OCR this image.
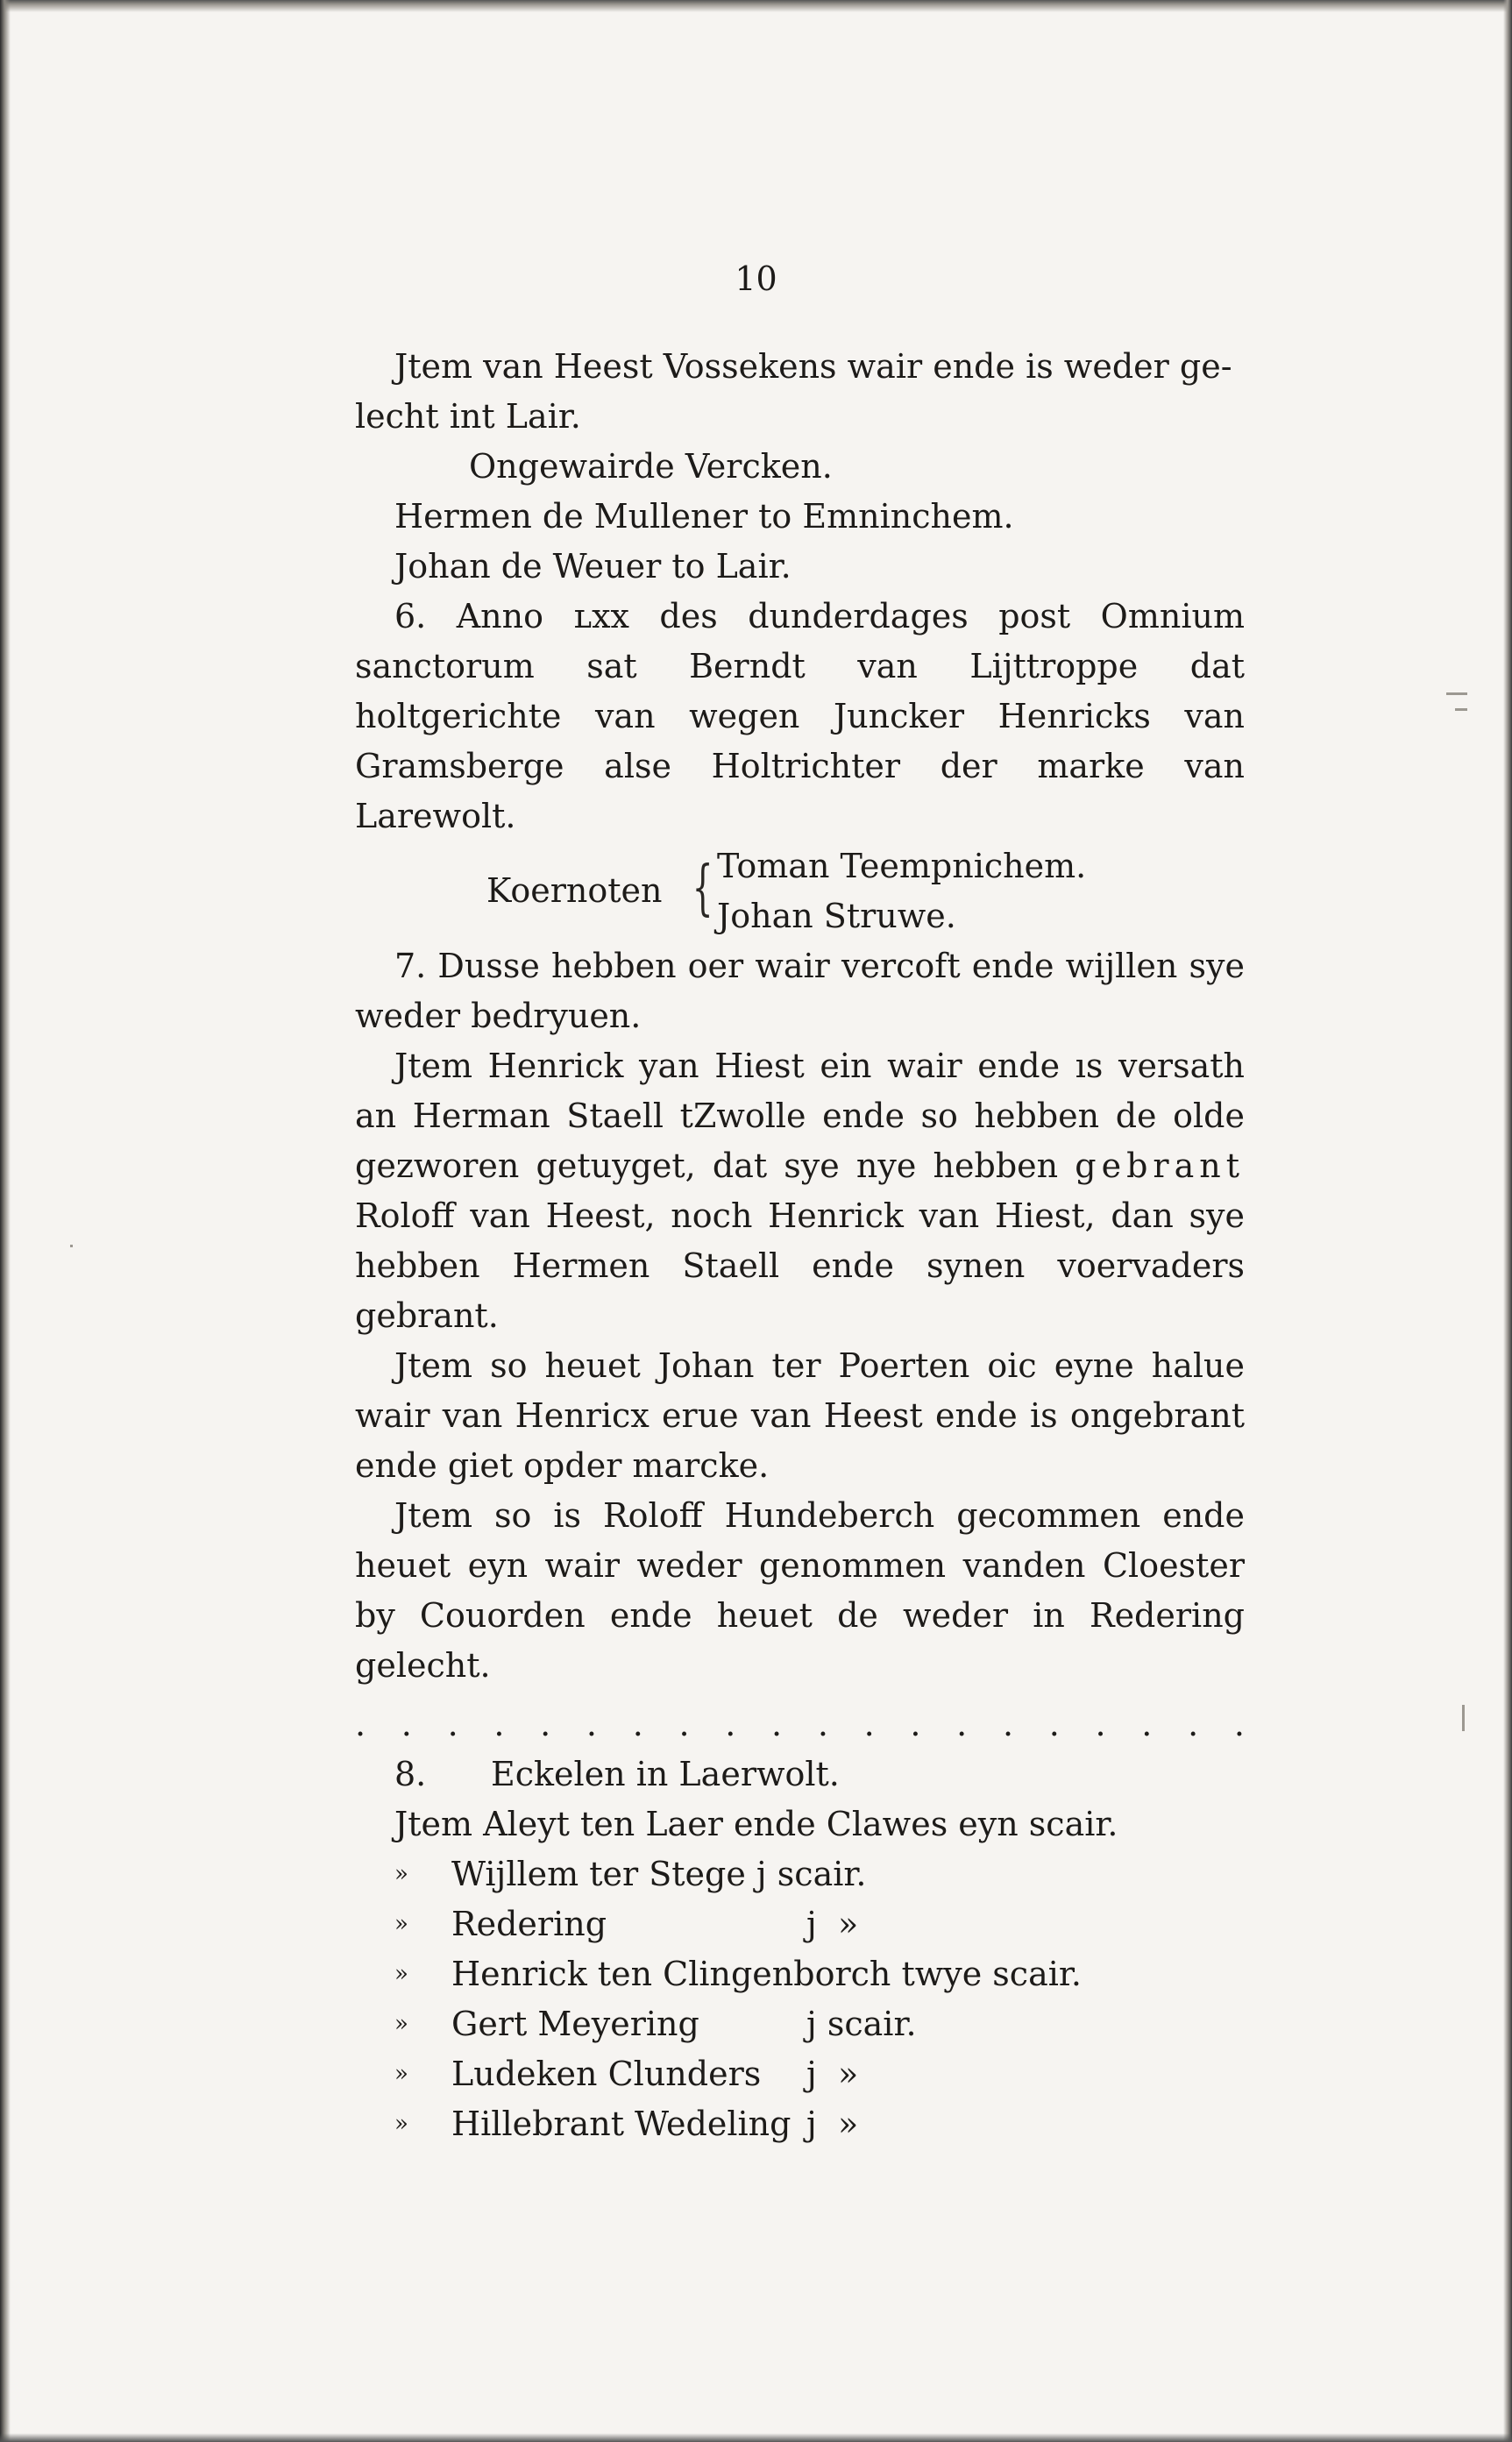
10

Jtem van Heest Vossekens wair ende is weder ge-

lecht int Lair.

Ongewairde Vercken.

Hermen de Mullener to Emninchem.

Johan de Weuer to Lair.

6. Anno ʟxx des dunderdages post Omnium sanctorum sat Berndt van Lijttroppe dat holtgerichte van wegen Juncker Henricks van Gramsberge alse Holtrichter der marke van Larewolt.

Koernoten { Toman Teempnichem.
Johan Struwe.

7. Dusse hebben oer wair vercoft ende wijllen sye weder bedryuen.

Jtem Henrick yan Hiest ein wair ende ıs versath an Herman Staell tZwolle ende so hebben de olde gezworen getuyget, dat sye nye hebben gebrant Roloff van Heest, noch Henrick van Hiest, dan sye hebben Hermen Staell ende synen voervaders gebrant.

Jtem so heuet Johan ter Poerten oic eyne halue wair van Henricx erue van Heest ende is ongebrant ende giet opder marcke.

Jtem so is Roloff Hundeberch gecommen ende heuet eyn wair weder genommen vanden Cloester by Couorden ende heuet de weder in Redering gelecht.

. . . . . . . . . . . . . . . . . . . .

8. Eckelen in Laerwolt.

Jtem Aleyt ten Laer ende Clawes eyn scair.

»	Wijllem ter Stege j scair.
»	Redering	j  »
»	Henrick ten Clingenborch twye scair.
»	Gert Meyering	j scair.
»	Ludeken Clunders	j  »
»	Hillebrant Wedeling j  »
